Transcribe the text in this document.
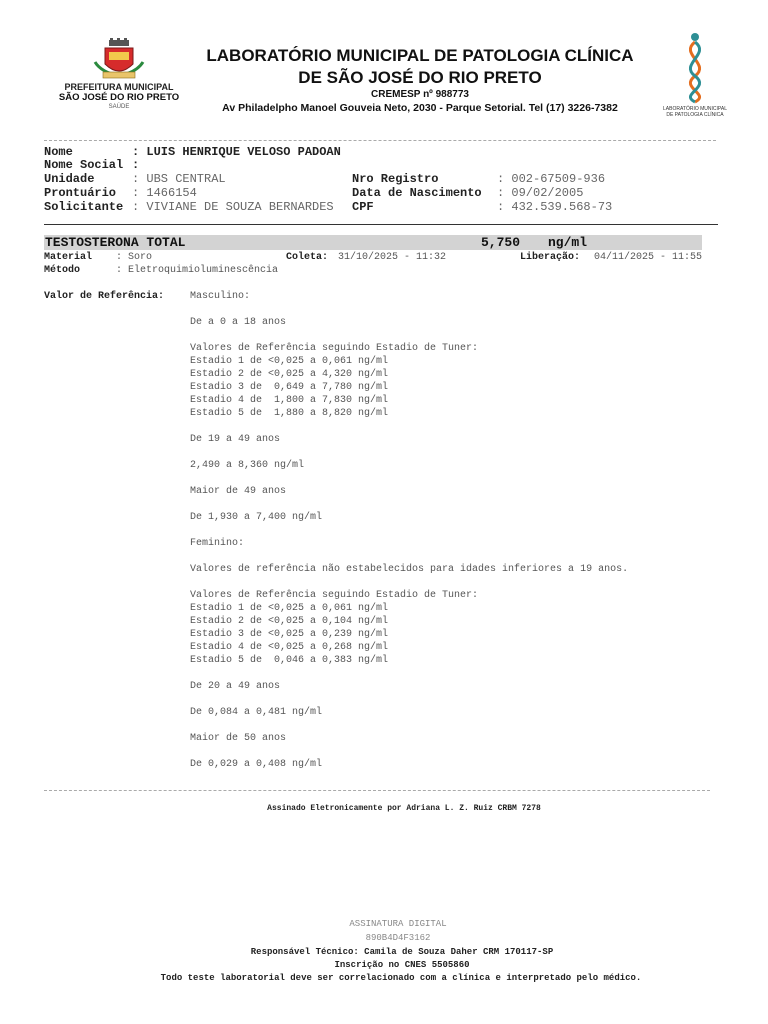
PREFEITURA MUNICIPAL
SÃO JOSÉ DO RIO PRETO
SAÚDE
LABORATÓRIO MUNICIPAL DE PATOLOGIA CLÍNICA
DE SÃO JOSÉ DO RIO PRETO
CREMESP nº 988773
Av Philadelpho Manoel Gouveia Neto, 2030 - Parque Setorial. Tel (17) 3226-7382	LABORATÓRIO MUNICIPAL
DE PATOLOGIA CLÍNICA
Nome	: LUIS HENRIQUE VELOSO PADOAN
Nome Social :
Unidade	: UBS CENTRAL
Prontuário : 1466154
Solicitante : VIVIANE DE SOUZA BERNARDES
Nro Registro	: 002-67509-936
Data de Nascimento : 09/02/2005
CPF	: 432.539.568-73
TESTOSTERONA TOTAL	5,750 ng/ml
Material : Soro	Coleta: 31/10/2025 - 11:32	Liberação: 04/11/2025 - 11:55
Método	: Eletroquimioluminescência
Valor de Referência:	Masculino:
De a 0 a 18 anos
Valores de Referência seguindo Estadio de Tuner:
Estadio 1 de <0,025 a 0,061 ng/ml
Estadio 2 de <0,025 a 4,320 ng/ml
Estadio 3 de  0,649 a 7,780 ng/ml
Estadio 4 de  1,800 a 7,830 ng/ml
Estadio 5 de  1,880 a 8,820 ng/ml
De 19 a 49 anos
2,490 a 8,360 ng/ml
Maior de 49 anos
De 1,930 a 7,400 ng/ml
Feminino:
Valores de referência não estabelecidos para idades inferiores a 19 anos.
Valores de Referência seguindo Estadio de Tuner:
Estadio 1 de <0,025 a 0,061 ng/ml
Estadio 2 de <0,025 a 0,104 ng/ml
Estadio 3 de <0,025 a 0,239 ng/ml
Estadio 4 de <0,025 a 0,268 ng/ml
Estadio 5 de  0,046 a 0,383 ng/ml
De 20 a 49 anos
De 0,084 a 0,481 ng/ml
Maior de 50 anos
De 0,029 a 0,408 ng/ml
Assinado Eletronicamente por Adriana L. Z. Ruiz CRBM 7278
ASSINATURA DIGITAL
890B4D4F3162
Responsável Técnico: Camila de Souza Daher CRM 170117-SP
Inscrição no CNES 5505860
Todo teste laboratorial deve ser correlacionado com a clínica e interpretado pelo médico.
